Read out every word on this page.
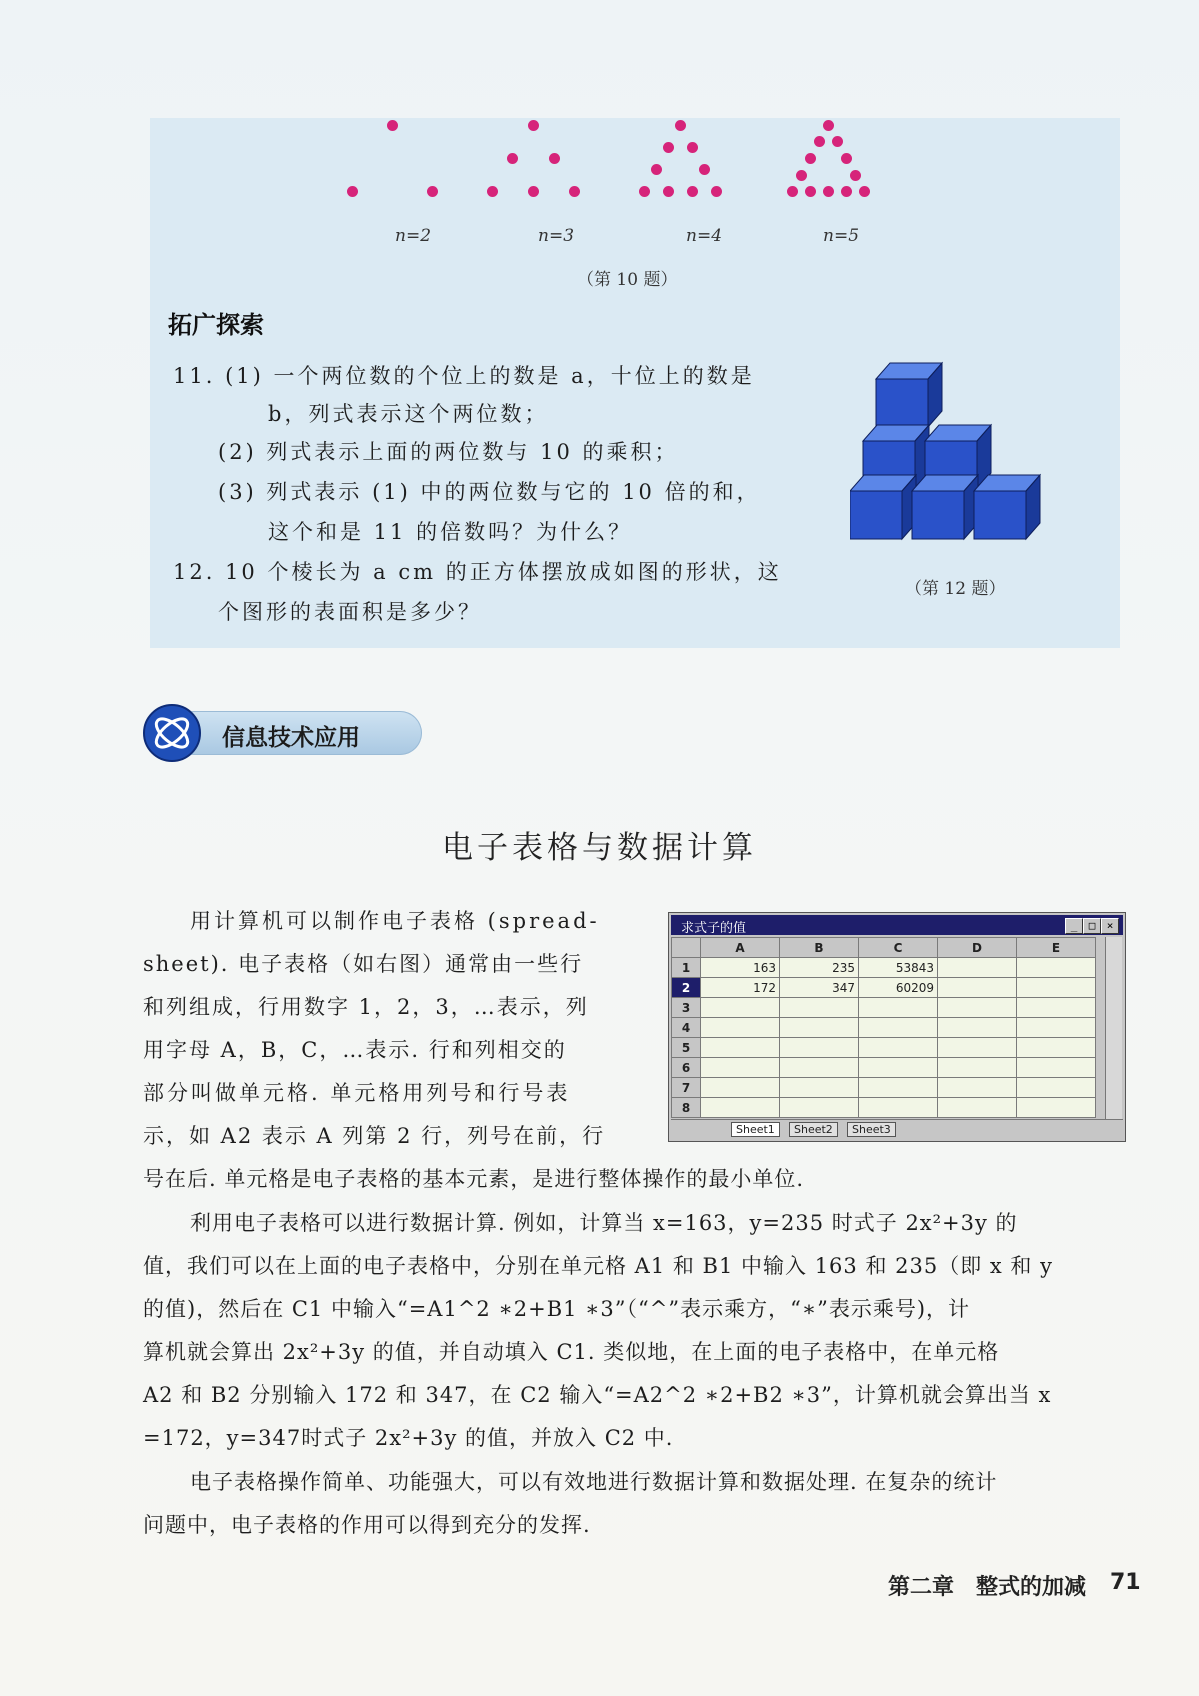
n=2	n=3	n=4	n=5
（第 10 题）
拓广探索
11. (1) 一个两位数的个位上的数是 a，十位上的数是
b，列式表示这个两位数；
(2) 列式表示上面的两位数与 10 的乘积；
(3) 列式表示 (1) 中的两位数与它的 10 倍的和，
这个和是 11 的倍数吗？为什么？
12. 10 个棱长为 a cm 的正方体摆放成如图的形状，这
个图形的表面积是多少？
（第 12 题）
信息技术应用
电子表格与数据计算
用计算机可以制作电子表格 (spread-
sheet). 电子表格（如右图）通常由一些行
和列组成，行用数字 1，2，3，…表示，列
用字母 A，B，C，…表示. 行和列相交的
部分叫做单元格. 单元格用列号和行号表
示，如 A2 表示 A 列第 2 行，列号在前，行
号在后. 单元格是电子表格的基本元素，是进行整体操作的最小单位.
求式子的值	_	□	×
	A	B	C	D	E
1	163	235	53843		
2	172	347	60209		
3					
4					
5					
6					
7					
8					
Sheet1	Sheet2	Sheet3
利用电子表格可以进行数据计算. 例如，计算当 x=163，y=235 时式子 2x²+3y 的
值，我们可以在上面的电子表格中，分别在单元格 A1 和 B1 中输入 163 和 235（即 x 和 y
的值)，然后在 C1 中输入“=A1^2 ∗2+B1 ∗3”（“^”表示乘方，“∗”表示乘号)，计
算机就会算出 2x²+3y 的值，并自动填入 C1. 类似地，在上面的电子表格中，在单元格
A2 和 B2 分别输入 172 和 347，在 C2 输入“=A2^2 ∗2+B2 ∗3”，计算机就会算出当 x
=172，y=347时式子 2x²+3y 的值，并放入 C2 中.
电子表格操作简单、功能强大，可以有效地进行数据计算和数据处理. 在复杂的统计
问题中，电子表格的作用可以得到充分的发挥.
第二章　整式的加减 71
